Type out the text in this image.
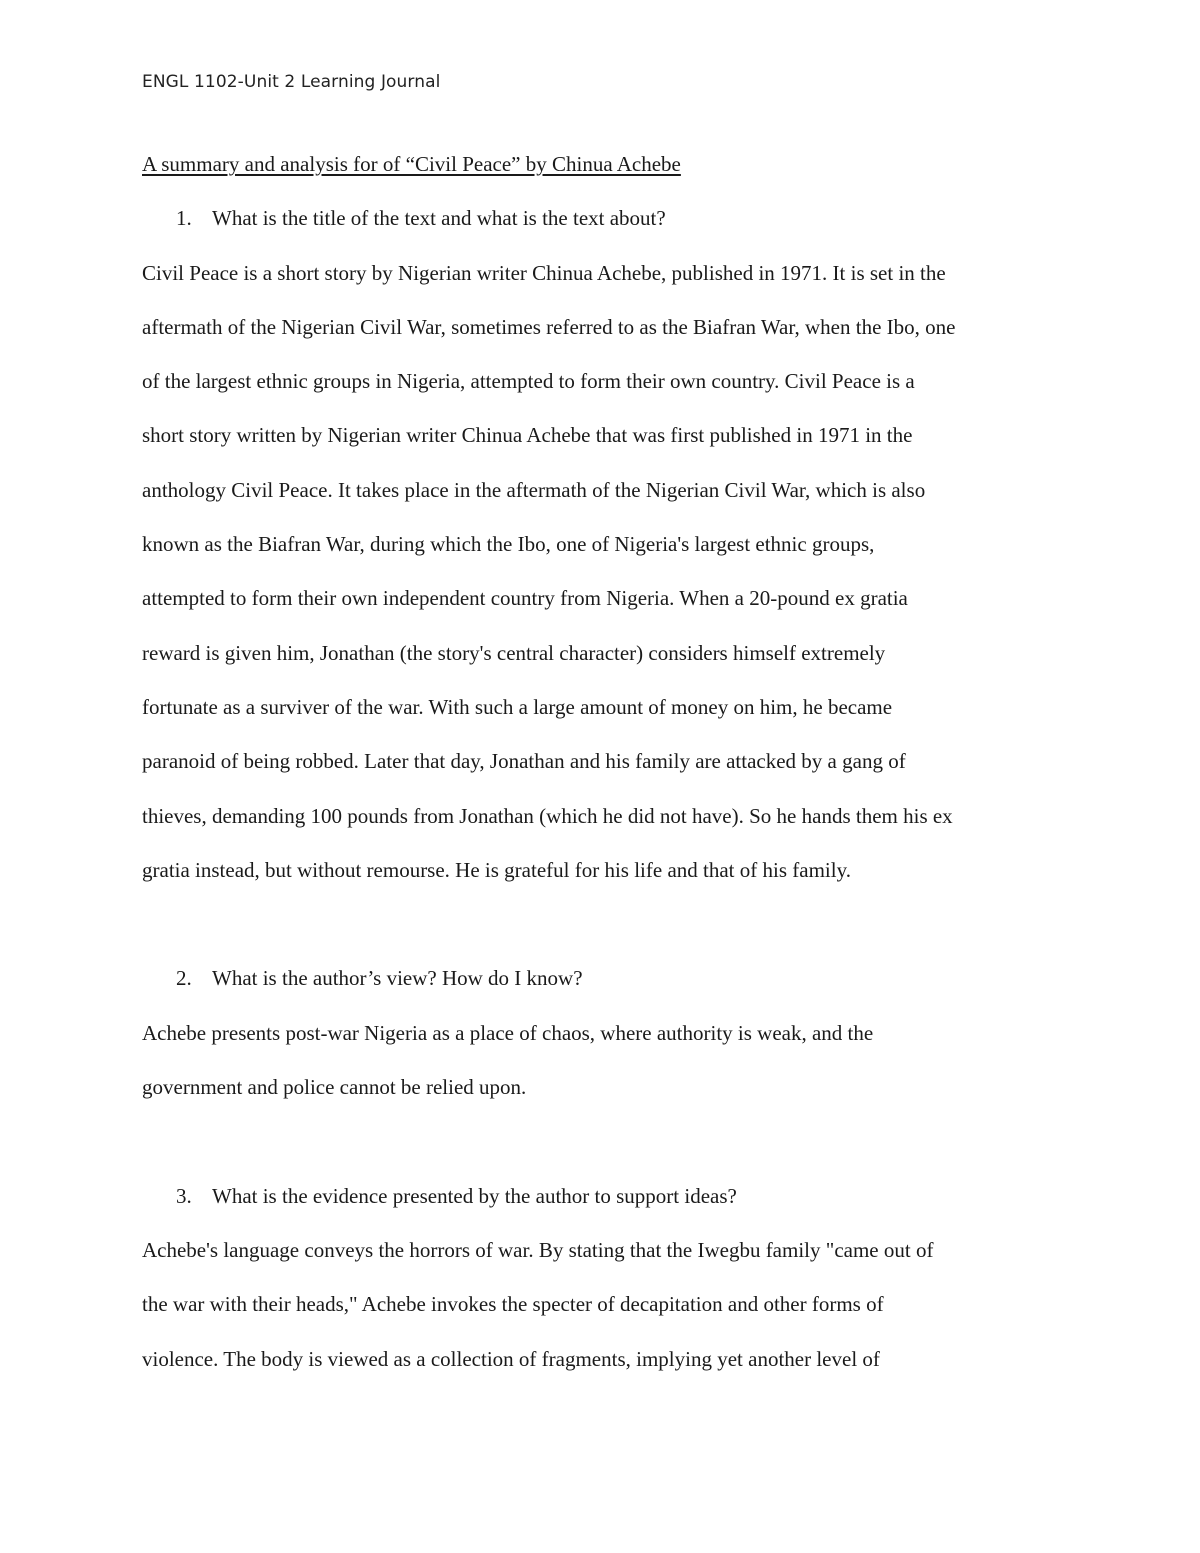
ENGL 1102-Unit 2 Learning Journal

A summary and analysis for of “Civil Peace” by Chinua Achebe

1. What is the title of the text and what is the text about?

Civil Peace is a short story by Nigerian writer Chinua Achebe, published in 1971. It is set in the

aftermath of the Nigerian Civil War, sometimes referred to as the Biafran War, when the Ibo, one

of the largest ethnic groups in Nigeria, attempted to form their own country. Civil Peace is a

short story written by Nigerian writer Chinua Achebe that was first published in 1971 in the

anthology Civil Peace. It takes place in the aftermath of the Nigerian Civil War, which is also

known as the Biafran War, during which the Ibo, one of Nigeria's largest ethnic groups,

attempted to form their own independent country from Nigeria. When a 20-pound ex gratia

reward is given him, Jonathan (the story's central character) considers himself extremely

fortunate as a surviver of the war. With such a large amount of money on him, he became

paranoid of being robbed. Later that day, Jonathan and his family are attacked by a gang of

thieves, demanding 100 pounds from Jonathan (which he did not have). So he hands them his ex

gratia instead, but without remourse. He is grateful for his life and that of his family.

2. What is the author’s view? How do I know?

Achebe presents post-war Nigeria as a place of chaos, where authority is weak, and the

government and police cannot be relied upon.

3. What is the evidence presented by the author to support ideas?

Achebe's language conveys the horrors of war. By stating that the Iwegbu family "came out of

the war with their heads," Achebe invokes the specter of decapitation and other forms of

violence. The body is viewed as a collection of fragments, implying yet another level of
